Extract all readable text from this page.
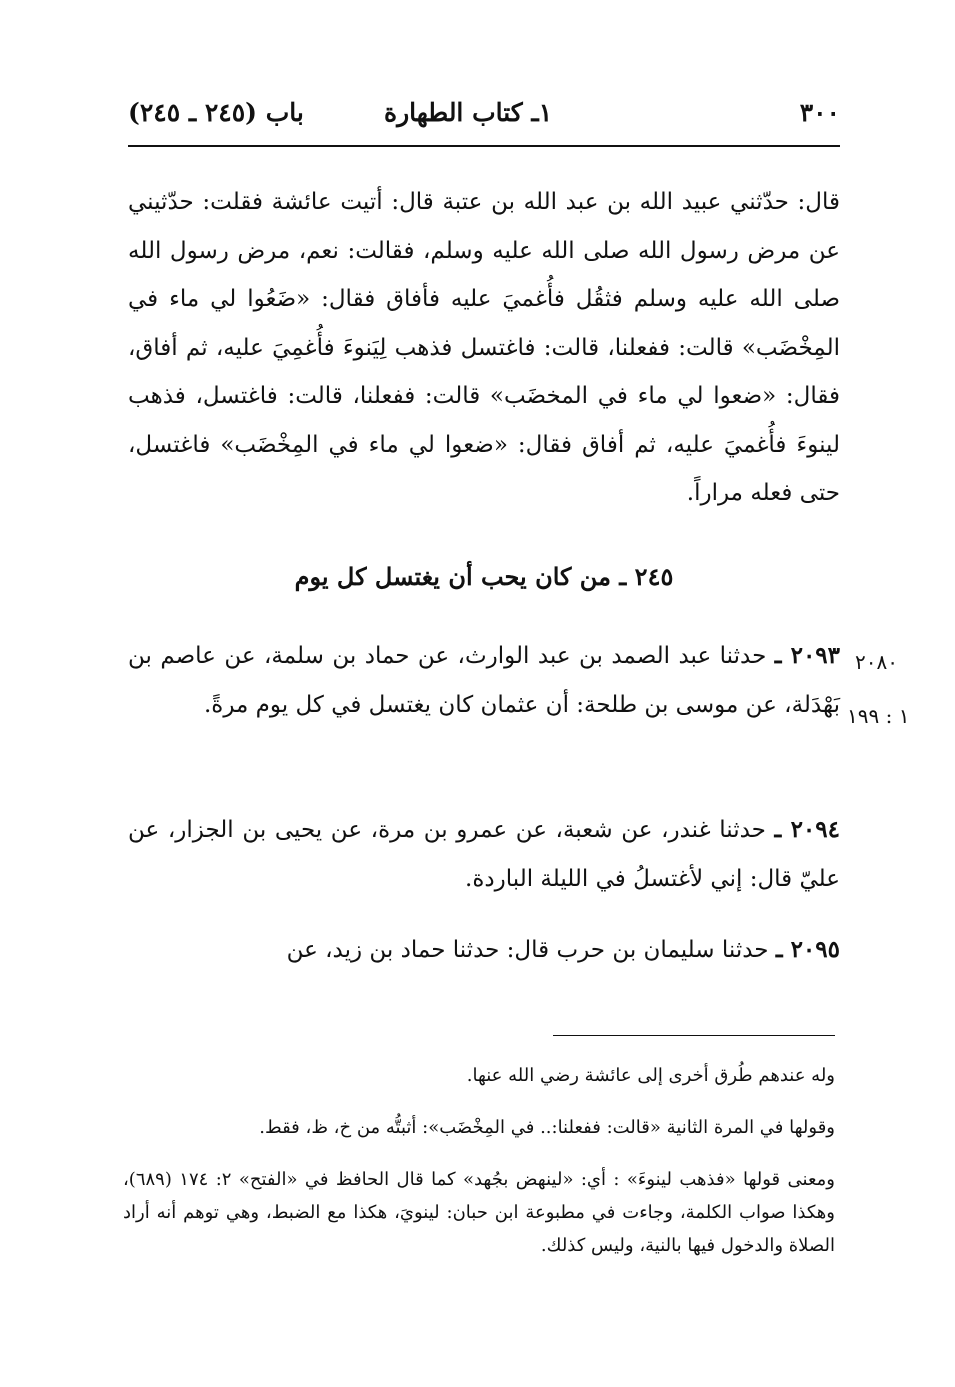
٣٠٠
١ـ كتاب الطهارة
باب (٢٤٥ ـ ٢٤٥)

قال: حدّثني عبيد الله بن عبد الله بن عتبة قال: أتيت عائشة فقلت: حدّثيني عن مرض رسول الله صلى الله عليه وسلم، فقالت: نعم، مرض رسول الله صلى الله عليه وسلم فثقُل فأُغميَ عليه فأفاق فقال: «ضَعُوا لي ماء في المِخْضَب» قالت: ففعلنا، قالت: فاغتسل فذهب لِيَنوءَ فأُغمِيَ عليه، ثم أفاق، فقال: «ضعوا لي ماء في المخضَب» قالت: ففعلنا، قالت: فاغتسل، فذهب لينوءَ فأُغميَ عليه، ثم أفاق فقال: «ضعوا لي ماء في المِخْضَب» فاغتسل، حتى فعله مراراً.

٢٤٥ ـ من كان يحب أن يغتسل كل يوم
٢٠٨٠
١ : ١٩٩

٢٠٩٣ ـ حدثنا عبد الصمد بن عبد الوارث، عن حماد بن سلمة، عن عاصم بن بَهْدَلة، عن موسى بن طلحة: أن عثمان كان يغتسل في كل يوم مرةً.

٢٠٩٤ ـ حدثنا غندر، عن شعبة، عن عمرو بن مرة، عن يحيى بن الجزار، عن عليّ قال: إني لأغتسلُ في الليلة الباردة.

٢٠٩٥ ـ حدثنا سليمان بن حرب قال: حدثنا حماد بن زيد، عن

وله عندهم طُرق أخرى إلى عائشة رضي الله عنها.

وقولها في المرة الثانية «قالت: ففعلنا:.. في المِخْضَب»: أثبتُّه من خ، ظ، فقط.

ومعنى قولها «فذهب لينوءَ» : أي: «لينهض بجُهد» كما قال الحافظ في «الفتح» ٢: ١٧٤ (٦٨٩)، وهكذا صواب الكلمة، وجاءت في مطبوعة ابن حبان: لينويَ، هكذا مع الضبط، وهي توهم أنه أراد الصلاة والدخول فيها بالنية، وليس كذلك.
